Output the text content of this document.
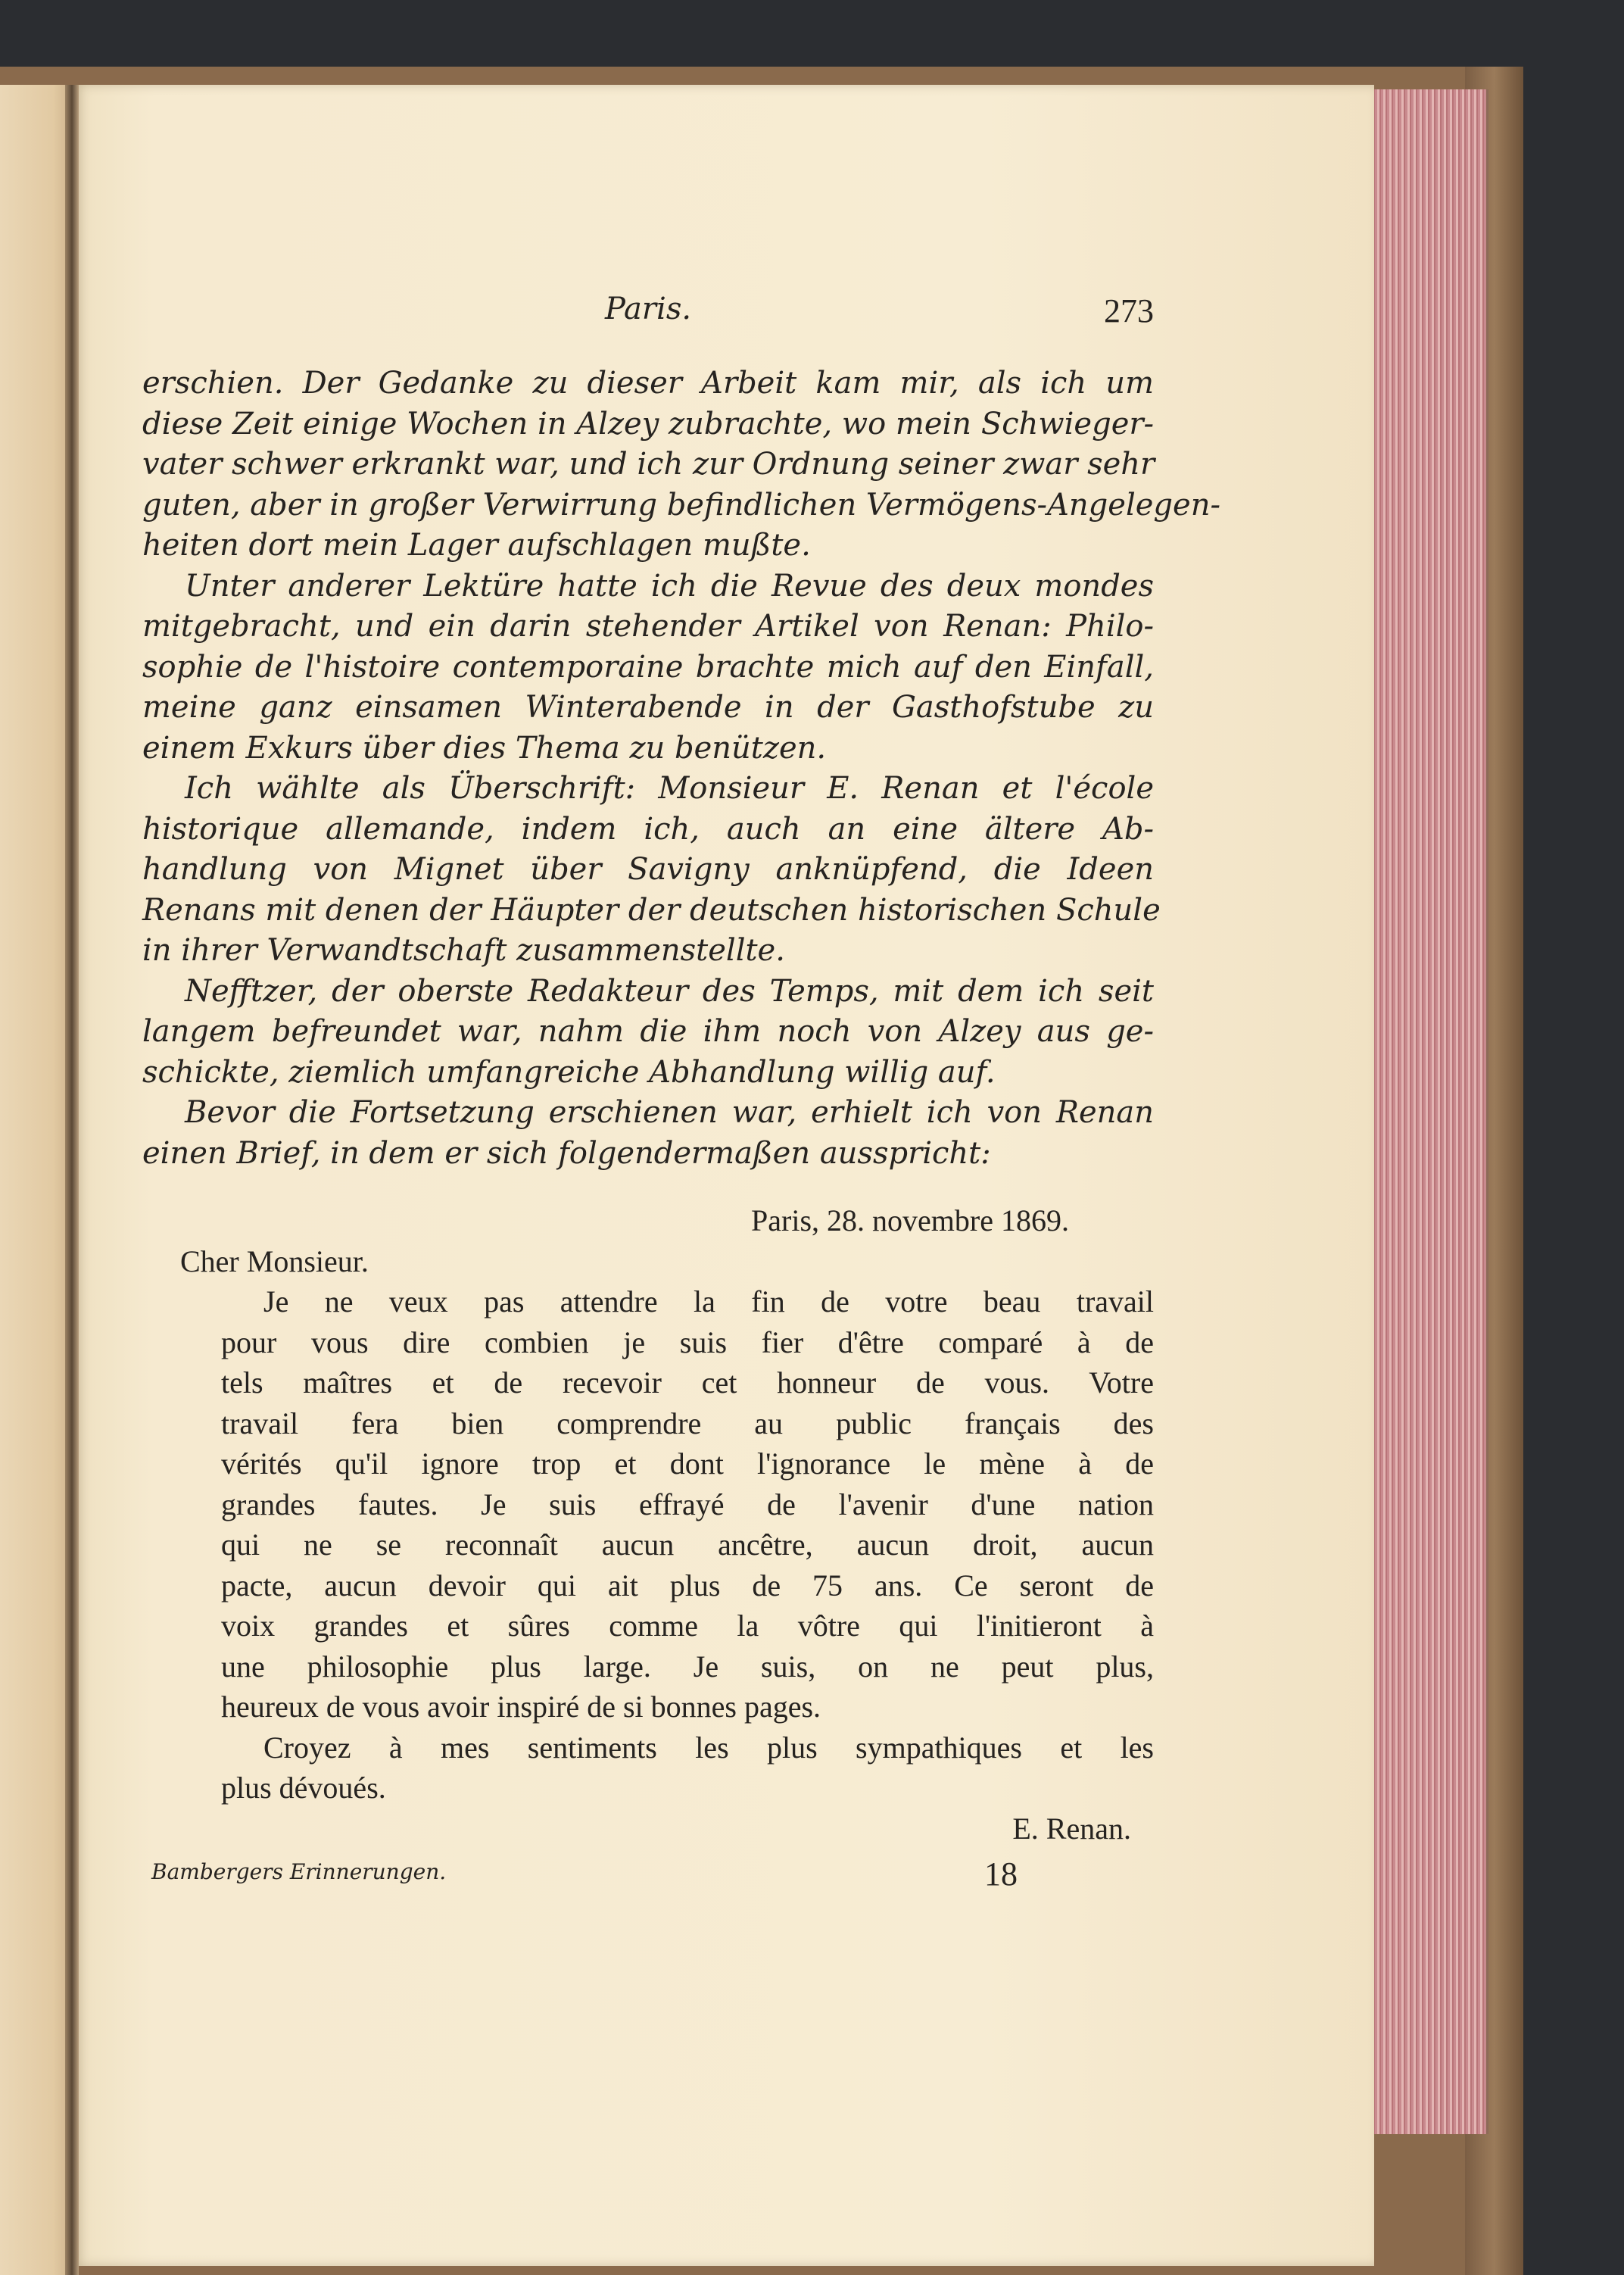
Paris.	273
erschien. Der Gedanke zu dieser Arbeit kam mir, als ich um
diese Zeit einige Wochen in Alzey zubrachte, wo mein Schwieger-
vater schwer erkrankt war, und ich zur Ordnung seiner zwar sehr
guten, aber in großer Verwirrung befindlichen Vermögens-Angelegen-
heiten dort mein Lager aufschlagen mußte.
Unter anderer Lektüre hatte ich die Revue des deux mondes
mitgebracht, und ein darin stehender Artikel von Renan: Philo-
sophie de l'histoire contemporaine brachte mich auf den Einfall,
meine ganz einsamen Winterabende in der Gasthofstube zu
einem Exkurs über dies Thema zu benützen.
Ich wählte als Überschrift: Monsieur E. Renan et l'école
historique allemande, indem ich, auch an eine ältere Ab-
handlung von Mignet über Savigny anknüpfend, die Ideen
Renans mit denen der Häupter der deutschen historischen Schule
in ihrer Verwandtschaft zusammenstellte.
Nefftzer, der oberste Redakteur des Temps, mit dem ich seit
langem befreundet war, nahm die ihm noch von Alzey aus ge-
schickte, ziemlich umfangreiche Abhandlung willig auf.
Bevor die Fortsetzung erschienen war, erhielt ich von Renan
einen Brief, in dem er sich folgendermaßen ausspricht:
Paris, 28. novembre 1869.
Cher Monsieur.
Je ne veux pas attendre la fin de votre beau travail
pour vous dire combien je suis fier d'être comparé à de
tels maîtres et de recevoir cet honneur de vous. Votre
travail fera bien comprendre au public français des
vérités qu'il ignore trop et dont l'ignorance le mène à de
grandes fautes. Je suis effrayé de l'avenir d'une nation
qui ne se reconnaît aucun ancêtre, aucun droit, aucun
pacte, aucun devoir qui ait plus de 75 ans. Ce seront de
voix grandes et sûres comme la vôtre qui l'initieront à
une philosophie plus large. Je suis, on ne peut plus,
heureux de vous avoir inspiré de si bonnes pages.
Croyez à mes sentiments les plus sympathiques et les
plus dévoués.
E. Renan.
Bambergers Erinnerungen.	18
